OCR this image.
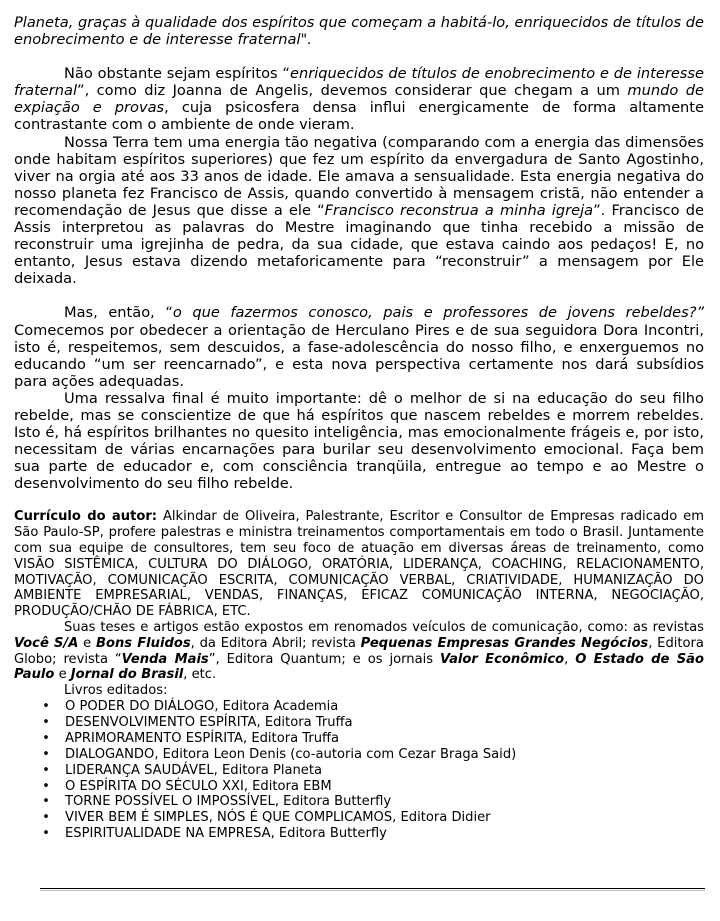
Planeta, graças à qualidade dos espíritos que começam a habitá-lo, enriquecidos de títulos de enobrecimento e de interesse fraternal".

Não obstante sejam espíritos “enriquecidos de títulos de enobrecimento e de interesse fraternal”, como diz Joanna de Angelis, devemos considerar que chegam a um mundo de expiação e provas, cuja psicosfera densa influi energicamente de forma altamente contrastante com o ambiente de onde vieram.

Nossa Terra tem uma energia tão negativa (comparando com a energia das dimensões onde habitam espíritos superiores) que fez um espírito da envergadura de Santo Agostinho, viver na orgia até aos 33 anos de idade. Ele amava a sensualidade. Esta energia negativa do nosso planeta fez Francisco de Assis, quando convertido à mensagem cristã, não entender a recomendação de Jesus que disse a ele “Francisco reconstrua a minha igreja”. Francisco de Assis interpretou as palavras do Mestre imaginando que tinha recebido a missão de reconstruir uma igrejinha de pedra, da sua cidade, que estava caindo aos pedaços! E, no entanto, Jesus estava dizendo metaforicamente para “reconstruir” a mensagem por Ele deixada.

Mas, então, “o que fazermos conosco, pais e professores de jovens rebeldes?” Comecemos por obedecer a orientação de Herculano Pires e de sua seguidora Dora Incontri, isto é, respeitemos, sem descuidos, a fase-adolescência do nosso filho, e enxerguemos no educando “um ser reencarnado”, e esta nova perspectiva certamente nos dará subsídios para ações adequadas.

Uma ressalva final é muito importante: dê o melhor de si na educação do seu filho rebelde, mas se conscientize de que há espíritos que nascem rebeldes e morrem rebeldes. Isto é, há espíritos brilhantes no quesito inteligência, mas emocionalmente frágeis e, por isto, necessitam de várias encarnações para burilar seu desenvolvimento emocional. Faça bem sua parte de educador e, com consciência tranqüila, entregue ao tempo e ao Mestre o desenvolvimento do seu filho rebelde.

Currículo do autor: Alkindar de Oliveira, Palestrante, Escritor e Consultor de Empresas radicado em São Paulo-SP, profere palestras e ministra treinamentos comportamentais em todo o Brasil. Juntamente com sua equipe de consultores, tem seu foco de atuação em diversas áreas de treinamento, como VISÃO SISTÊMICA, CULTURA DO DIÁLOGO, ORATÓRIA, LIDERANÇA, COACHING, RELACIONAMENTO, MOTIVAÇÃO, COMUNICAÇÃO ESCRITA, COMUNICAÇÃO VERBAL, CRIATIVIDADE, HUMANIZAÇÃO DO AMBIENTE EMPRESARIAL, VENDAS, FINANÇAS, EFICAZ COMUNICAÇÃO INTERNA, NEGOCIAÇÃO, PRODUÇÃO/CHÃO DE FÁBRICA, ETC.

Suas teses e artigos estão expostos em renomados veículos de comunicação, como: as revistas Você S/A e Bons Fluidos, da Editora Abril; revista Pequenas Empresas Grandes Negócios, Editora Globo; revista “Venda Mais”, Editora Quantum; e os jornais Valor Econômico, O Estado de São Paulo e Jornal do Brasil, etc.

Livros editados:

• O PODER DO DIÁLOGO, Editora Academia
• DESENVOLVIMENTO ESPÍRITA, Editora Truffa
• APRIMORAMENTO ESPÍRITA, Editora Truffa
• DIALOGANDO, Editora Leon Denis (co-autoria com Cezar Braga Said)
• LIDERANÇA SAUDÁVEL, Editora Planeta
• O ESPÍRITA DO SÉCULO XXI, Editora EBM
• TORNE POSSÍVEL O IMPOSSÍVEL, Editora Butterfly
• VIVER BEM É SIMPLES, NÓS É QUE COMPLICAMOS, Editora Didier
• ESPIRITUALIDADE NA EMPRESA, Editora Butterfly
